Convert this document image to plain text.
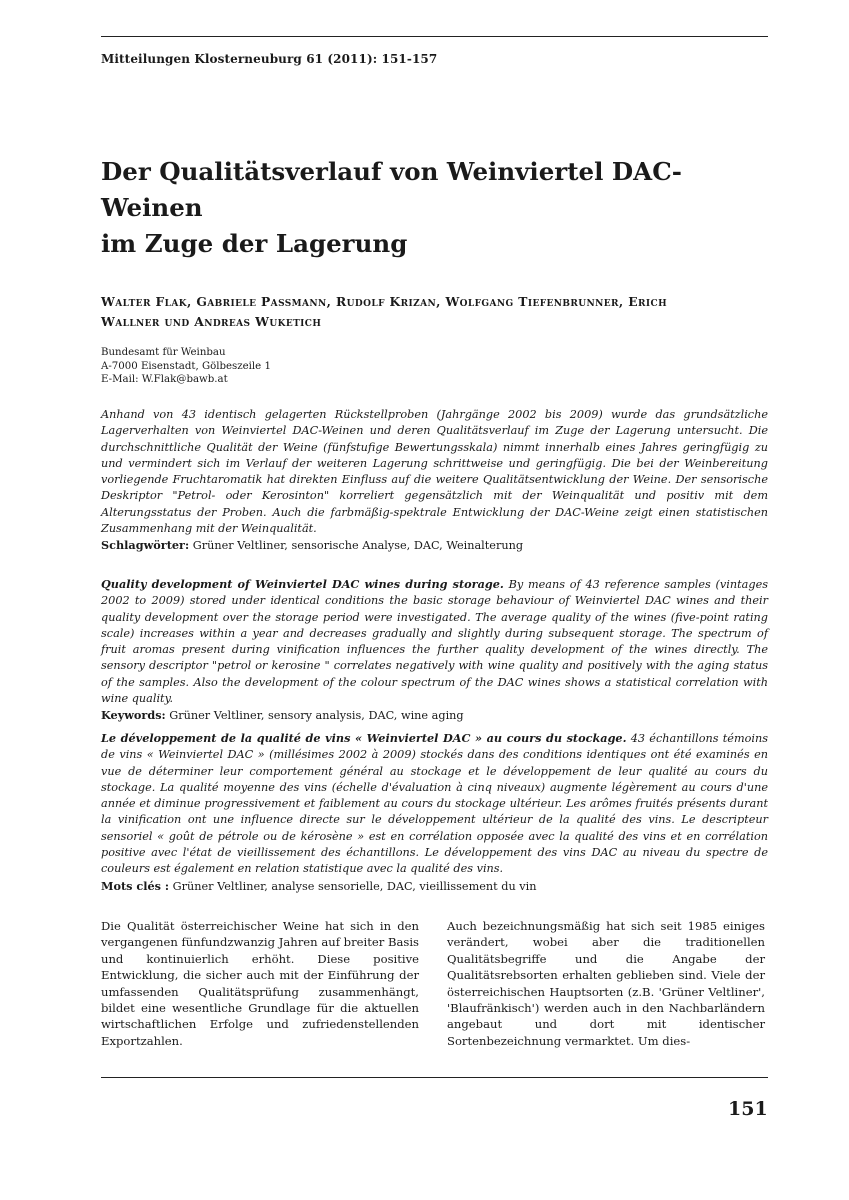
Mitteilungen Klosterneuburg 61 (2011): 151-157
Der Qualitätsverlauf von Weinviertel DAC-Weinen
im Zuge der Lagerung
Walter Flak, Gabriele Passmann, Rudolf Krizan, Wolfgang Tiefenbrunner, Erich
Wallner und Andreas Wuketich
Bundesamt für Weinbau
A-7000 Eisenstadt, Gölbeszeile 1
E-Mail: W.Flak@bawb.at
Anhand von 43 identisch gelagerten Rückstellproben (Jahrgänge 2002 bis 2009) wurde das grundsätzliche Lagerverhalten von Weinviertel DAC-Weinen und deren Qualitätsverlauf im Zuge der Lagerung untersucht. Die durchschnittliche Qualität der Weine (fünfstufige Bewertungsskala) nimmt innerhalb eines Jahres geringfügig zu und vermindert sich im Verlauf der weiteren Lagerung schrittweise und geringfügig. Die bei der Weinbereitung vorliegende Fruchtaromatik hat direkten Einfluss auf die weitere Qualitätsentwicklung der Weine. Der sensorische Deskriptor "Petrol- oder Kerosinton" korreliert gegensätzlich mit der Weinqualität und positiv mit dem Alterungsstatus der Proben. Auch die farbmäßig-spektrale Entwicklung der DAC-Weine zeigt einen statistischen Zusammenhang mit der Weinqualität.
Schlagwörter: Grüner Veltliner, sensorische Analyse, DAC, Weinalterung
Quality development of Weinviertel DAC wines during storage. By means of 43 reference samples (vintages 2002 to 2009) stored under identical conditions the basic storage behaviour of Weinviertel DAC wines and their quality development over the storage period were investigated. The average quality of the wines (five-point rating scale) increases within a year and decreases gradually and slightly during subsequent storage. The spectrum of fruit aromas present during vinification influences the further quality development of the wines directly. The sensory descriptor "petrol or kerosine " correlates negatively with wine quality and positively with the aging status of the samples. Also the development of the colour spectrum of the DAC wines shows a statistical correlation with wine quality.
Keywords: Grüner Veltliner, sensory analysis, DAC, wine aging
Le développement de la qualité de vins « Weinviertel DAC » au cours du stockage. 43 échantillons témoins de vins « Weinviertel DAC » (millésimes 2002 à 2009) stockés dans des conditions identiques ont été examinés en vue de déterminer leur comportement général au stockage et le développement de leur qualité au cours du stockage. La qualité moyenne des vins (échelle d'évaluation à cinq niveaux) augmente légèrement au cours d'une année et diminue progressivement et faiblement au cours du stockage ultérieur. Les arômes fruités présents durant la vinification ont une influence directe sur le développement ultérieur de la qualité des vins. Le descripteur sensoriel « goût de pétrole ou de kérosène » est en corrélation opposée avec la qualité des vins et en corrélation positive avec l'état de vieillissement des échantillons. Le développement des vins DAC au niveau du spectre de couleurs est également en relation statistique avec la qualité des vins.
Mots clés : Grüner Veltliner, analyse sensorielle, DAC, vieillissement du vin
Die Qualität österreichischer Weine hat sich in den vergangenen fünfundzwanzig Jahren auf breiter Basis und kontinuierlich erhöht. Diese positive Entwicklung, die sicher auch mit der Einführung der umfassenden Qualitätsprüfung zusammenhängt, bildet eine wesentliche Grundlage für die aktuellen wirtschaftlichen Erfolge und zufriedenstellenden Exportzahlen.
Auch bezeichnungsmäßig hat sich seit 1985 einiges verändert, wobei aber die traditionellen Qualitätsbegriffe und die Angabe der Qualitätsrebsorten erhalten geblieben sind. Viele der österreichischen Hauptsorten (z.B. 'Grüner Veltliner', 'Blaufränkisch') werden auch in den Nachbarländern angebaut und dort mit identischer Sortenbezeichnung vermarktet. Um dies-
151
